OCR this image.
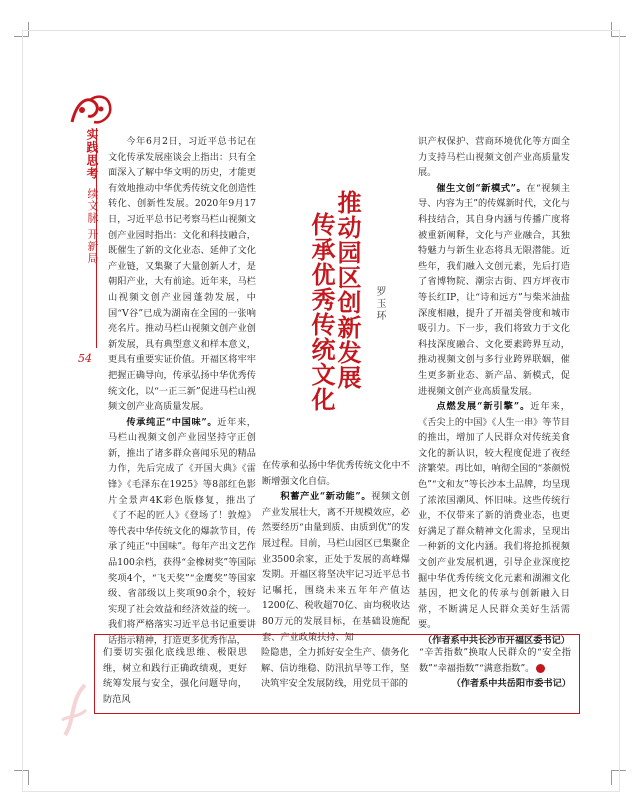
实践思考
续文脉 开新局
54	推动园区创新发展
传承优秀传统文化	罗玉环

今年6月2日，习近平总书记在文化传承发展座谈会上指出：只有全面深入了解中华文明的历史，才能更有效地推动中华优秀传统文化创造性转化、创新性发展。2020年9月17日，习近平总书记考察马栏山视频文创产业园时指出：文化和科技融合，既催生了新的文化业态、延伸了文化产业链，又集聚了大量创新人才，是朝阳产业，大有前途。近年来，马栏山视频文创产业园蓬勃发展，中国“V谷”已成为湖南在全国的一张响亮名片。推动马栏山视频文创产业创新发展，具有典型意义和样本意义，更具有重要实证价值。开福区将牢牢把握正确导向，传承弘扬中华优秀传统文化，以“一正三新”促进马栏山视频文创产业高质量发展。

传承纯正“中国味”。近年来，马栏山视频文创产业园坚持守正创新，推出了诸多群众喜闻乐见的精品力作，先后完成了《开国大典》《雷锋》《毛泽东在1925》等8部红色影片全景声4K彩色版修复，推出了《了不起的匠人》《登场了！敦煌》等代表中华传统文化的爆款节目，传承了纯正“中国味”。每年产出文艺作品100余档，获得“金橡树奖”等国际奖项4个，“飞天奖”“金鹰奖”等国家级、省部级以上奖项90余个，较好实现了社会效益和经济效益的统一。我们将严格落实习近平总书记重要讲话指示精神，打造更多优秀作品，

在传承和弘扬中华优秀传统文化中不断增强文化自信。

积蓄产业“新动能”。视频文创产业发展壮大，离不开规模效应，必然要经历“由量到质、由质到优”的发展过程。目前，马栏山园区已集聚企业3500余家，正处于发展的高峰爆发期。开福区将坚决牢记习近平总书记嘱托，围绕未来五年年产值达1200亿、税收超70亿、亩均税收达80万元的发展目标，在基础设施配套、产业政策扶持、知

识产权保护、营商环境优化等方面全力支持马栏山视频文创产业高质量发展。

催生文创“新模式”。在“视频主导、内容为王”的传媒新时代，文化与科技结合，其自身内涵与传播广度将被重新阐释，文化与产业融合，其独特魅力与新生业态将具无限潜能。近些年，我们融入文创元素，先后打造了省博物院、潮宗古街、四方坪夜市等长红IP，让“诗和远方”与柴米油盐深度相融，提升了开福美誉度和城市吸引力。下一步，我们将致力于文化科技深度融合、文化要素跨界互动，推动视频文创与多行业跨界联姻，催生更多新业态、新产品、新模式，促进视频文创产业高质量发展。

点燃发展“新引擎”。近年来，《舌尖上的中国》《人生一串》等节目的推出，增加了人民群众对传统美食文化的新认识，较大程度促进了夜经济繁荣。再比如，响彻全国的“茶颜悦色”“文和友”等长沙本土品牌，均呈现了浓浓国潮风、怀旧味。这些传统行业，不仅带来了新的消费业态，也更好满足了群众精神文化需求，呈现出一种新的文化内涵。我们将抢抓视频文创产业发展机遇，引导企业深度挖掘中华优秀传统文化元素和湖湘文化基因，把文化的传承与创新融入日常，不断满足人民群众美好生活需要。

（作者系中共长沙市开福区委书记）
们要切实强化底线思维、极限思维，树立和践行正确政绩观，更好统筹发展与安全，强化问题导向，防范风
险隐患，全力抓好安全生产、债务化解、信访维稳、防汛抗旱等工作，坚决筑牢安全发展防线，用党员干部的
“辛苦指数”换取人民群众的“安全指数”“幸福指数”“满意指数”。
（作者系中共岳阳市委书记）
